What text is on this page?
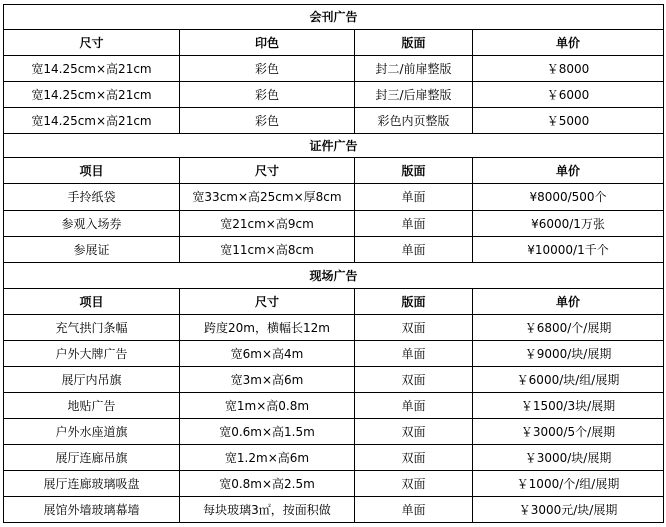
会刊广告			
尺寸	印色	版面	单价
宽14.25cm×高21cm	彩色	封二/前扉整版	￥8000
宽14.25cm×高21cm	彩色	封三/后扉整版	￥6000
宽14.25cm×高21cm	彩色	彩色内页整版	￥5000
证件广告			
项目	尺寸	版面	单价
手拎纸袋	宽33cm×高25cm×厚8cm	单面	¥8000/500个
参观入场券	宽21cm×高9cm	单面	¥6000/1万张
参展证	宽11cm×高8cm	单面	¥10000/1千个
现场广告			
项目	尺寸	版面	单价
充气拱门条幅	跨度20m，横幅长12m	双面	￥6800/个/展期
户外大牌广告	宽6m×高4m	单面	￥9000/块/展期
展厅内吊旗	宽3m×高6m	双面	￥6000/块/组/展期
地贴广告	宽1m×高0.8m	单面	￥1500/3块/展期
户外水座道旗	宽0.6m×高1.5m	双面	￥3000/5个/展期
展厅连廊吊旗	宽1.2m×高6m	双面	￥3000/块/展期
展厅连廊玻璃吸盘	宽0.8m×高2.5m	双面	￥1000/个/组/展期
展馆外墙玻璃幕墙	每块玻璃3㎡，按面积做	单面	￥3000元/块/展期
